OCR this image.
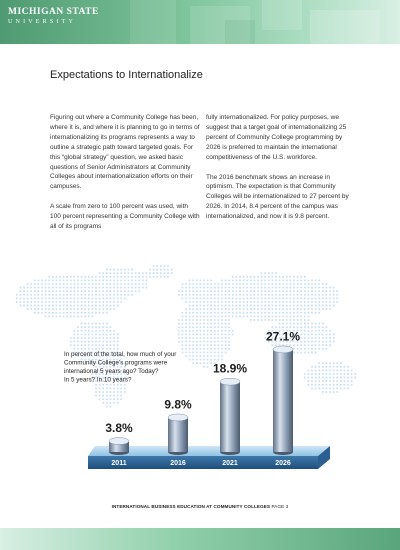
MICHIGAN STATE
UNIVERSITY
Expectations to Internationalize

Figuring out where a Community College has been, where it is, and where it is planning to go in terms of internationalizing its programs represents a way to outline a strategic path toward targeted goals. For this “global strategy” question, we asked basic questions of Senior Administrators at Community Colleges about internationalization efforts on their campuses.

A scale from zero to 100 percent was used, with 100 percent representing a Community College with all of its programs

fully internationalized. For policy purposes, we suggest that a target goal of internationalizing 25 percent of Community College programming by 2026 is preferred to maintain the international competitiveness of the U.S. workforce.

The 2016 benchmark shows an increase in optimism. The expectation is that Community Colleges will be internationalized to 27 percent by 2026. In 2014, 8.4 percent of the campus was internationalized, and now it is 9.8 percent.

In percent of the total, how much of your
Community College’s programs were
international 5 years ago? Today?
In 5 years? In 10 years?
3.8%
9.8%
18.9%
27.1%
2011	2016	2021	2026
INTERNATIONAL BUSINESS EDUCATION AT COMMUNITY COLLEGES PAGE 3
